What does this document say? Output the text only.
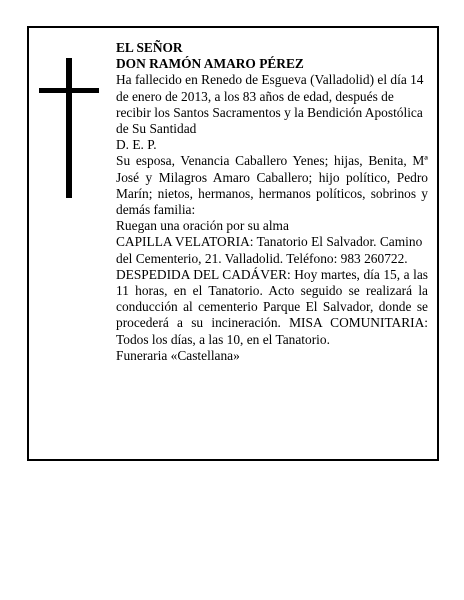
EL SEÑOR

DON RAMÓN AMARO PÉREZ

Ha fallecido en Renedo de Esgueva (Valladolid) el día 14 de enero de 2013, a los 83 años de edad, después de recibir los Santos Sacramentos y la Bendición Apostólica de Su Santidad

D. E. P.

Su esposa, Venancia Caballero Yenes; hijas, Benita, Mª José y Milagros Amaro Caballero; hijo político, Pedro Marín; nietos, hermanos, hermanos políticos, sobrinos y demás familia:

Ruegan una oración por su alma

CAPILLA VELATORIA: Tanatorio El Salvador. Camino del Cementerio, 21. Valladolid. Teléfono: 983 260722.

DESPEDIDA DEL CADÁVER: Hoy martes, día 15, a las 11 horas, en el Tanatorio. Acto seguido se realizará la conducción al cementerio Parque El Salvador, donde se procederá a su incineración. MISA COMUNITARIA: Todos los días, a las 10, en el Tanatorio.

Funeraria «Castellana»
